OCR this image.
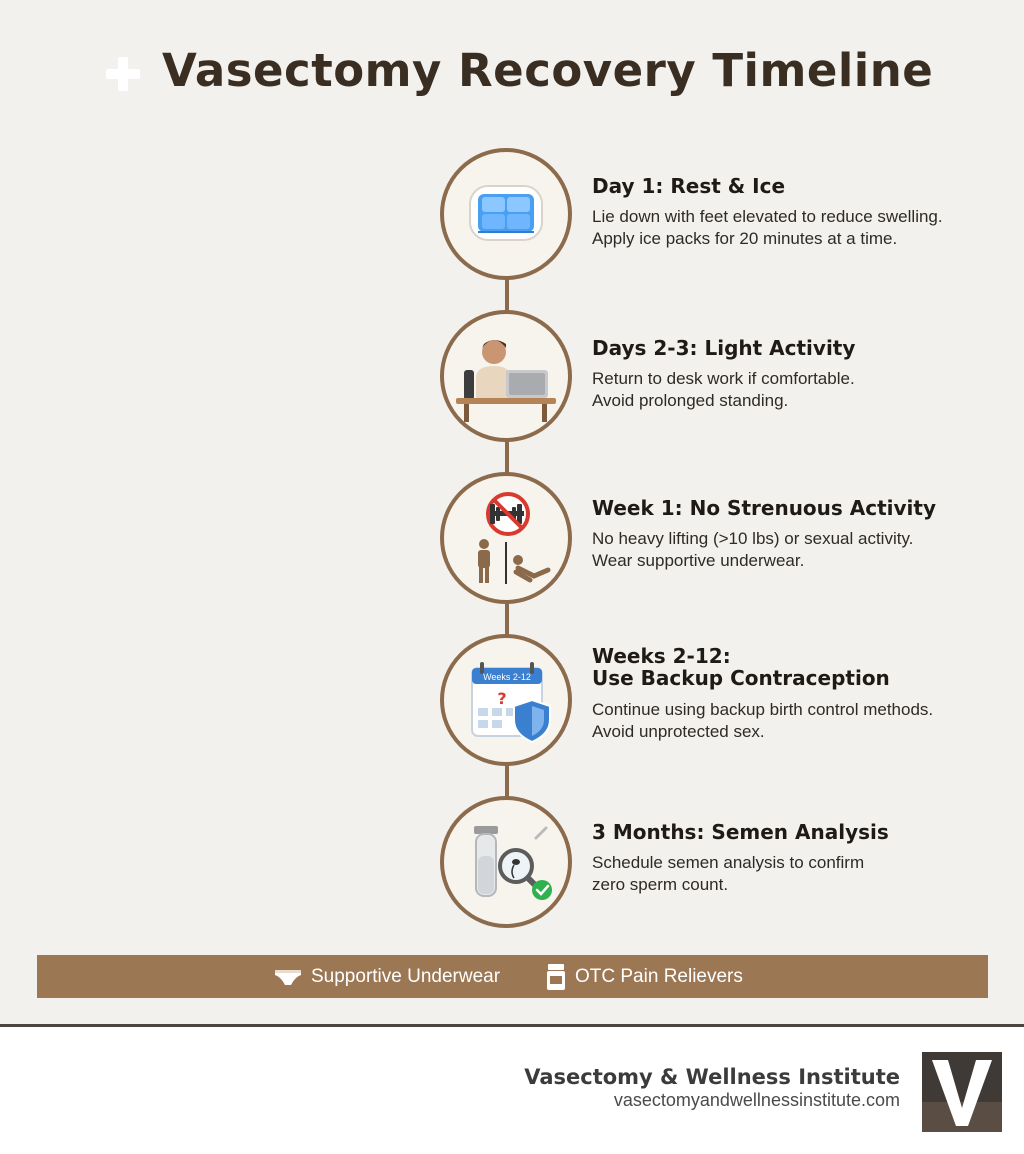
Vasectomy Recovery Timeline
Day 1: Rest & Ice
Lie down with feet elevated to reduce swelling.
Apply ice packs for 20 minutes at a time.
Days 2-3: Light Activity
Return to desk work if comfortable.
Avoid prolonged standing.
Week 1: No Strenuous Activity
No heavy lifting (>10 lbs) or sexual activity.
Wear supportive underwear.
Weeks 2-12
?
Weeks 2-12:
Use Backup Contraception
Continue using backup birth control methods.
Avoid unprotected sex.
3 Months: Semen Analysis
Schedule semen analysis to confirm
zero sperm count.
Supportive Underwear	OTC Pain Relievers
Vasectomy & Wellness Institute
vasectomyandwellnessinstitute.com
